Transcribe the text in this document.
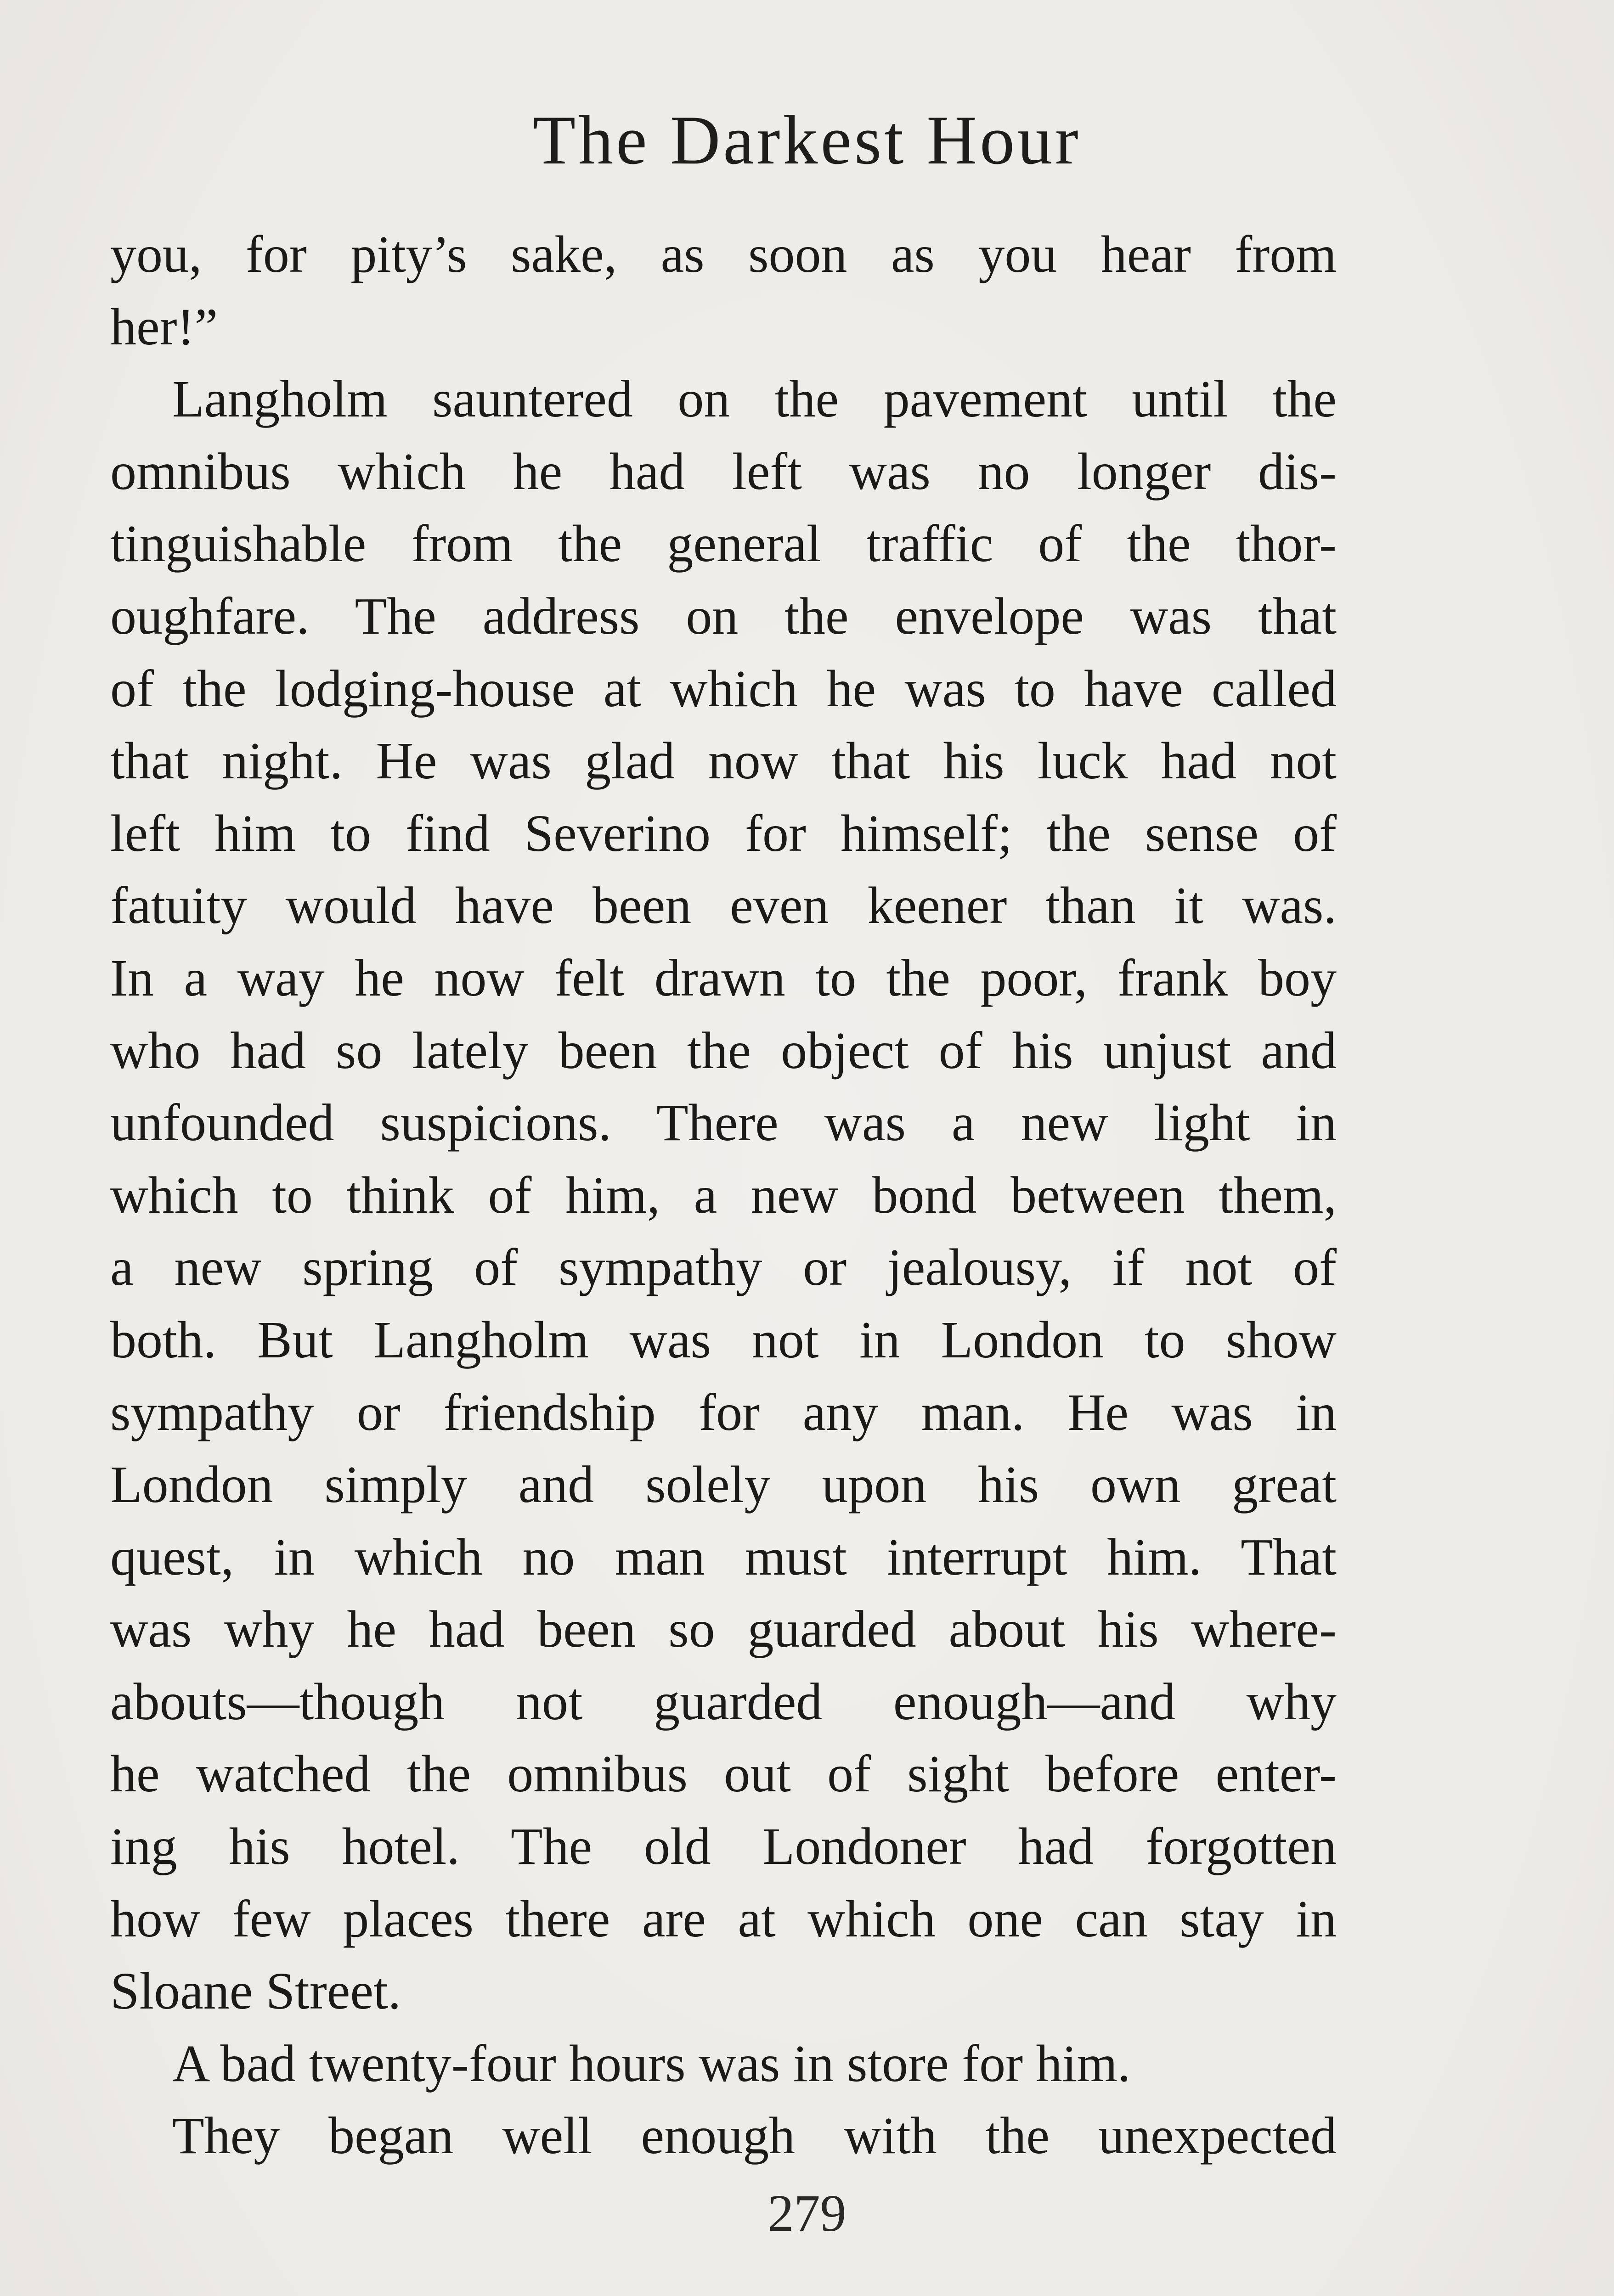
The Darkest Hour
you, for pity’s sake, as soon as you hear from
her!”
Langholm sauntered on the pavement until the
omnibus which he had left was no longer dis-
tinguishable from the general traffic of the thor-
oughfare. The address on the envelope was that
of the lodging-house at which he was to have called
that night. He was glad now that his luck had not
left him to find Severino for himself; the sense of
fatuity would have been even keener than it was.
In a way he now felt drawn to the poor, frank boy
who had so lately been the object of his unjust and
unfounded suspicions. There was a new light in
which to think of him, a new bond between them,
a new spring of sympathy or jealousy, if not of
both. But Langholm was not in London to show
sympathy or friendship for any man. He was in
London simply and solely upon his own great
quest, in which no man must interrupt him. That
was why he had been so guarded about his where-
abouts—though not guarded enough—and why
he watched the omnibus out of sight before enter-
ing his hotel. The old Londoner had forgotten
how few places there are at which one can stay in
Sloane Street.
A bad twenty-four hours was in store for him.
They began well enough with the unexpected
279
